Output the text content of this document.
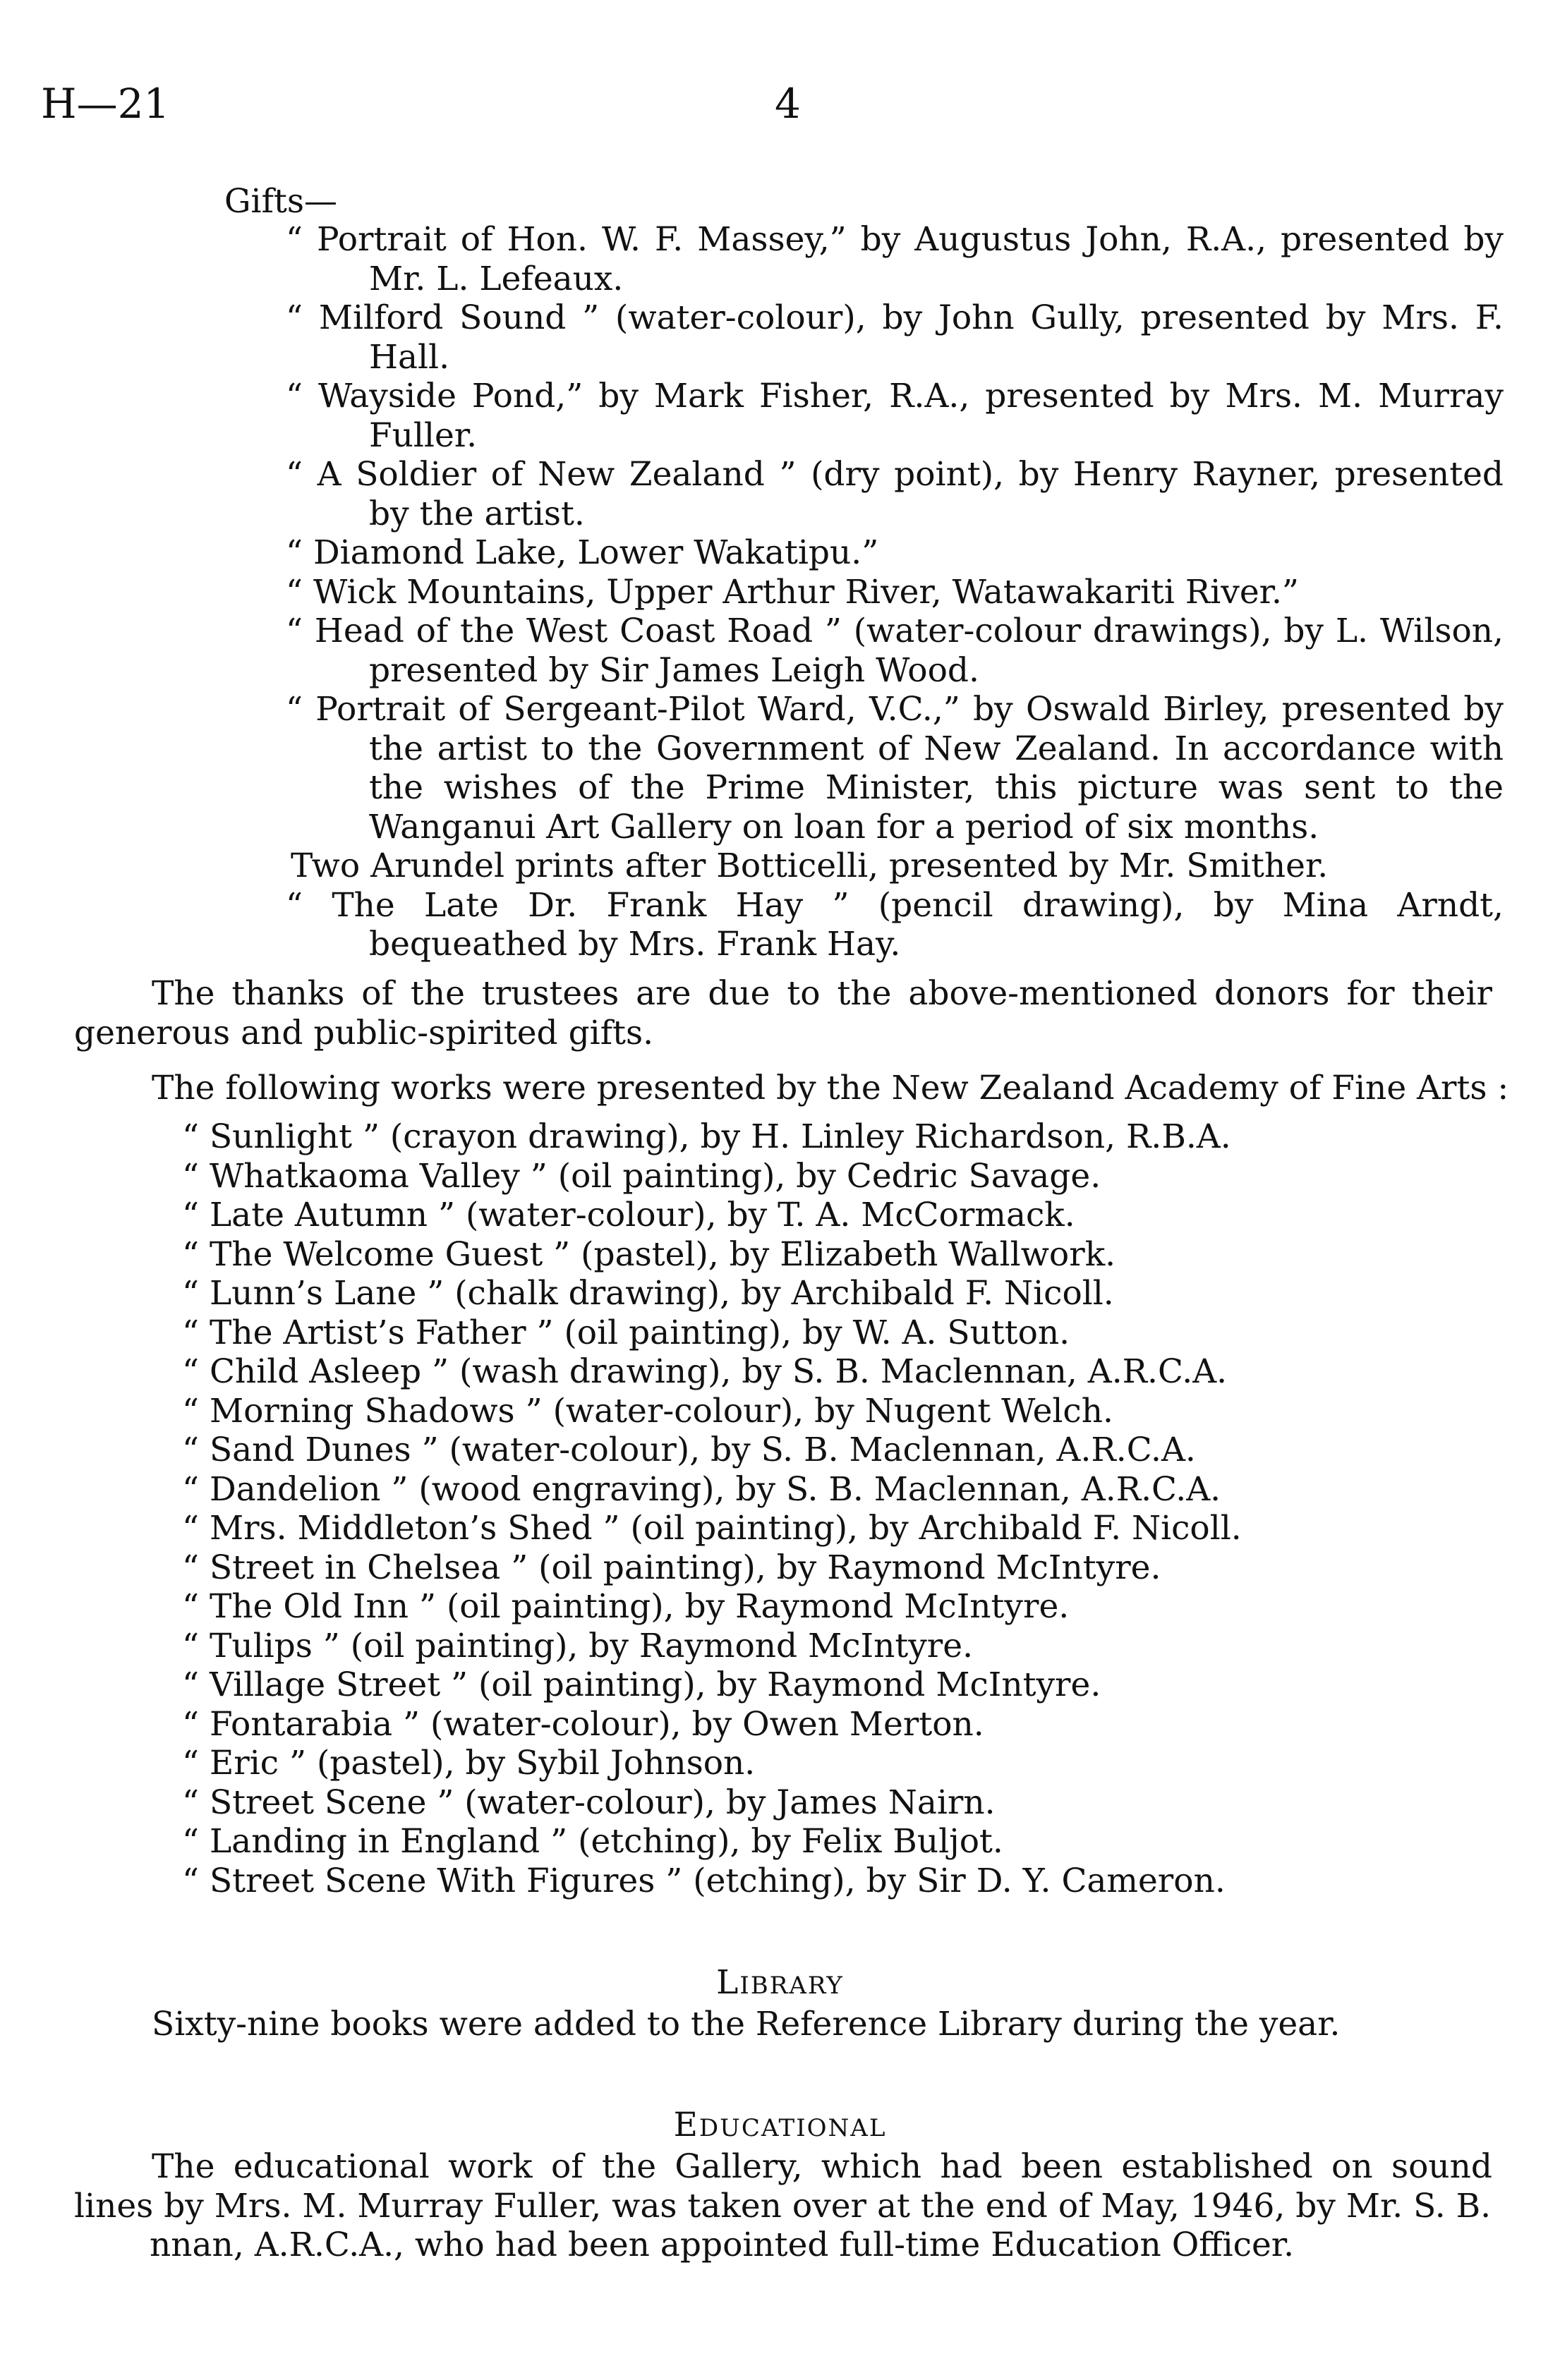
H—21	4
Gifts—

“ Portrait of Hon. W. F. Massey,” by Augustus John, R.A., presented by Mr. L. Lefeaux.

“ Milford Sound ” (water-colour), by John Gully, presented by Mrs. F. Hall.

“ Wayside Pond,” by Mark Fisher, R.A., presented by Mrs. M. Murray Fuller.

“ A Soldier of New Zealand ” (dry point), by Henry Rayner, presented by the artist.

“ Diamond Lake, Lower Wakatipu.”

“ Wick Mountains, Upper Arthur River, Watawakariti River.”

“ Head of the West Coast Road ” (water-colour drawings), by L. Wilson, presented by Sir James Leigh Wood.

“ Portrait of Sergeant-Pilot Ward, V.C.,” by Oswald Birley, presented by the artist to the Government of New Zealand. In accordance with the wishes of the Prime Minister, this picture was sent to the Wanganui Art Gallery on loan for a period of six months.

Two Arundel prints after Botticelli, presented by Mr. Smither.

“ The Late Dr. Frank Hay ” (pencil drawing), by Mina Arndt, bequeathed by Mrs. Frank Hay.

The thanks of the trustees are due to the above-mentioned donors for their generous and public-spirited gifts.

The following works were presented by the New Zealand Academy of Fine Arts :
“ Sunlight ” (crayon drawing), by H. Linley Richardson, R.B.A.
“ Whatkaoma Valley ” (oil painting), by Cedric Savage.
“ Late Autumn ” (water-colour), by T. A. McCormack.
“ The Welcome Guest ” (pastel), by Elizabeth Wallwork.
“ Lunn’s Lane ” (chalk drawing), by Archibald F. Nicoll.
“ The Artist’s Father ” (oil painting), by W. A. Sutton.
“ Child Asleep ” (wash drawing), by S. B. Maclennan, A.R.C.A.
“ Morning Shadows ” (water-colour), by Nugent Welch.
“ Sand Dunes ” (water-colour), by S. B. Maclennan, A.R.C.A.
“ Dandelion ” (wood engraving), by S. B. Maclennan, A.R.C.A.
“ Mrs. Middleton’s Shed ” (oil painting), by Archibald F. Nicoll.
“ Street in Chelsea ” (oil painting), by Raymond McIntyre.
“ The Old Inn ” (oil painting), by Raymond McIntyre.
“ Tulips ” (oil painting), by Raymond McIntyre.
“ Village Street ” (oil painting), by Raymond McIntyre.
“ Fontarabia ” (water-colour), by Owen Merton.
“ Eric ” (pastel), by Sybil Johnson.
“ Street Scene ” (water-colour), by James Nairn.
“ Landing in England ” (etching), by Felix Buljot.
“ Street Scene With Figures ” (etching), by Sir D. Y. Cameron.
LIBRARY
Sixty-nine books were added to the Reference Library during the year.
EDUCATIONAL

The educational work of the Gallery, which had been established on sound lines by Mrs. M. Murray Fuller, was taken over at the end of May, 1946, by Mr. S. B.

nnan, A.R.C.A., who had been appointed full-time Education Officer.
